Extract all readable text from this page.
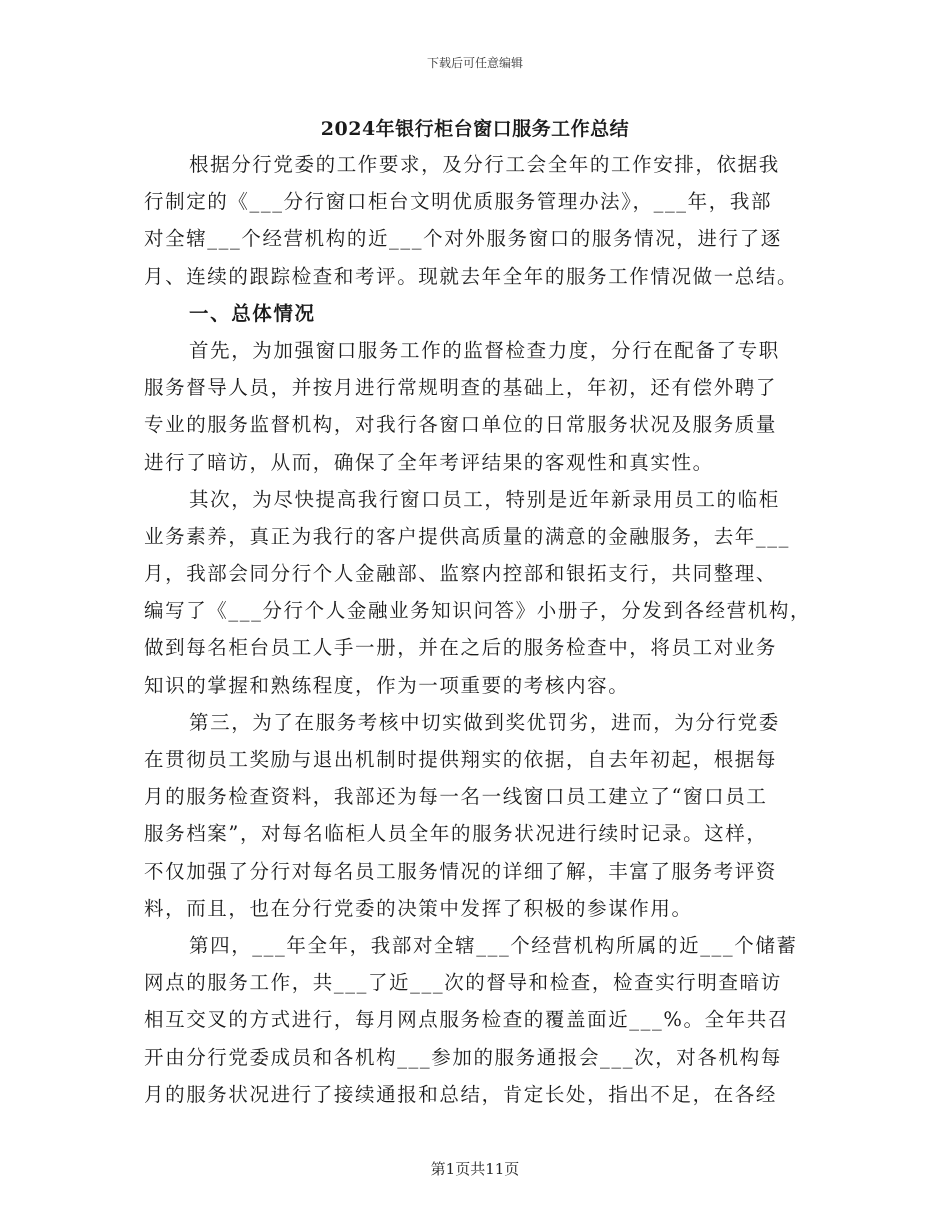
下载后可任意编辑
2024年银行柜台窗口服务工作总结
根据分行党委的工作要求，及分行工会全年的工作安排，依据我
行制定的《___分行窗口柜台文明优质服务管理办法》，___年，我部
对全辖___个经营机构的近___个对外服务窗口的服务情况，进行了逐
月、连续的跟踪检查和考评。现就去年全年的服务工作情况做一总结。
一、总体情况
首先，为加强窗口服务工作的监督检查力度，分行在配备了专职
服务督导人员，并按月进行常规明查的基础上，年初，还有偿外聘了
专业的服务监督机构，对我行各窗口单位的日常服务状况及服务质量
进行了暗访，从而，确保了全年考评结果的客观性和真实性。
其次，为尽快提高我行窗口员工，特别是近年新录用员工的临柜
业务素养，真正为我行的客户提供高质量的满意的金融服务，去年___
月，我部会同分行个人金融部、监察内控部和银拓支行，共同整理、
编写了《___分行个人金融业务知识问答》小册子，分发到各经营机构，
做到每名柜台员工人手一册，并在之后的服务检查中，将员工对业务
知识的掌握和熟练程度，作为一项重要的考核内容。
第三，为了在服务考核中切实做到奖优罚劣，进而，为分行党委
在贯彻员工奖励与退出机制时提供翔实的依据，自去年初起，根据每
月的服务检查资料，我部还为每一名一线窗口员工建立了“窗口员工
服务档案”，对每名临柜人员全年的服务状况进行续时记录。这样，
不仅加强了分行对每名员工服务情况的详细了解，丰富了服务考评资
料，而且，也在分行党委的决策中发挥了积极的参谋作用。
第四，___年全年，我部对全辖___个经营机构所属的近___个储蓄
网点的服务工作，共___了近___次的督导和检查，检查实行明查暗访
相互交叉的方式进行，每月网点服务检查的覆盖面近___%。全年共召
开由分行党委成员和各机构___参加的服务通报会___次，对各机构每
月的服务状况进行了接续通报和总结，肯定长处，指出不足，在各经
第1页共11页
